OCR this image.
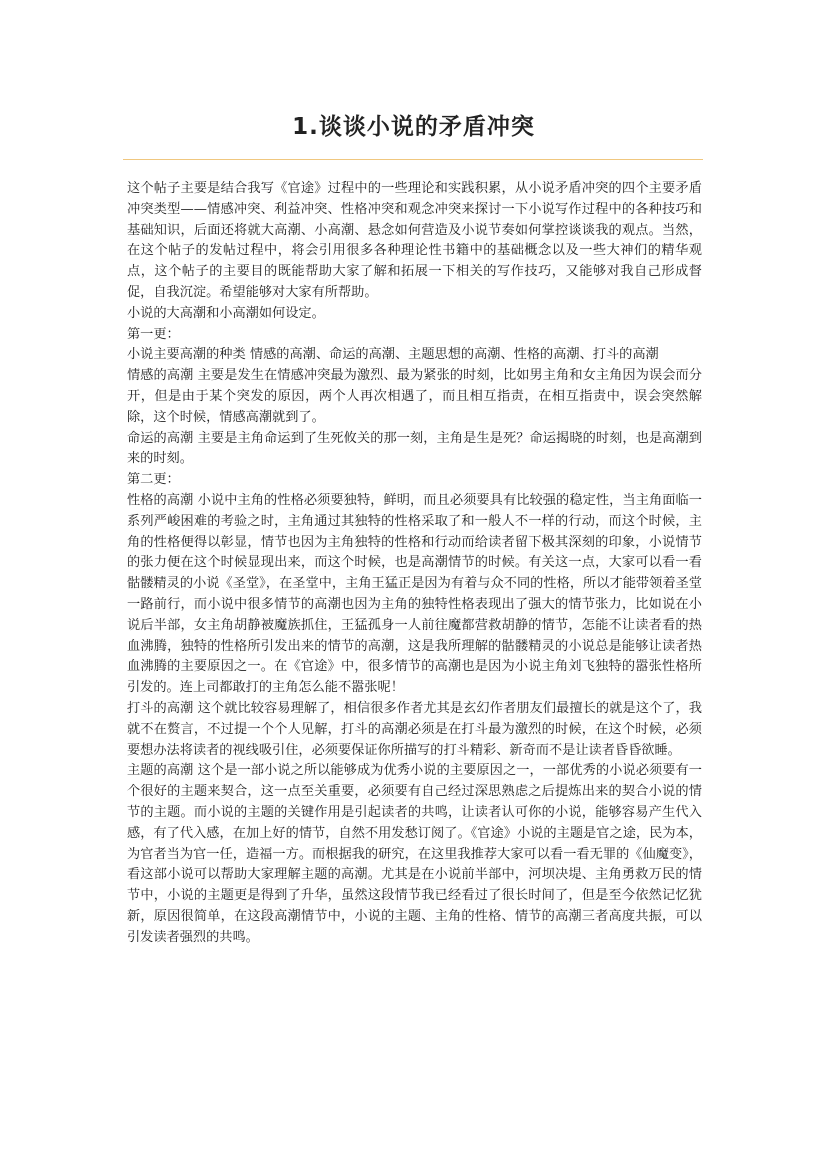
1.谈谈小说的矛盾冲突

这个帖子主要是结合我写《官途》过程中的一些理论和实践积累，从小说矛盾冲突的四个主要矛盾冲突类型——情感冲突、利益冲突、性格冲突和观念冲突来探讨一下小说写作过程中的各种技巧和基础知识，后面还将就大高潮、小高潮、悬念如何营造及小说节奏如何掌控谈谈我的观点。当然，在这个帖子的发帖过程中，将会引用很多各种理论性书籍中的基础概念以及一些大神们的精华观点，这个帖子的主要目的既能帮助大家了解和拓展一下相关的写作技巧，又能够对我自己形成督促，自我沉淀。希望能够对大家有所帮助。

小说的大高潮和小高潮如何设定。

第一更：

小说主要高潮的种类 情感的高潮、命运的高潮、主题思想的高潮、性格的高潮、打斗的高潮

情感的高潮 主要是发生在情感冲突最为激烈、最为紧张的时刻，比如男主角和女主角因为误会而分开，但是由于某个突发的原因，两个人再次相遇了，而且相互指责，在相互指责中，误会突然解除，这个时候，情感高潮就到了。

命运的高潮 主要是主角命运到了生死攸关的那一刻，主角是生是死？命运揭晓的时刻，也是高潮到来的时刻。

第二更：

性格的高潮 小说中主角的性格必须要独特，鲜明，而且必须要具有比较强的稳定性，当主角面临一系列严峻困难的考验之时，主角通过其独特的性格采取了和一般人不一样的行动，而这个时候，主角的性格便得以彰显，情节也因为主角独特的性格和行动而给读者留下极其深刻的印象，小说情节的张力便在这个时候显现出来，而这个时候，也是高潮情节的时候。有关这一点，大家可以看一看骷髅精灵的小说《圣堂》，在圣堂中，主角王猛正是因为有着与众不同的性格，所以才能带领着圣堂一路前行，而小说中很多情节的高潮也因为主角的独特性格表现出了强大的情节张力，比如说在小说后半部，女主角胡静被魔族抓住，王猛孤身一人前往魔都营救胡静的情节，怎能不让读者看的热血沸腾，独特的性格所引发出来的情节的高潮，这是我所理解的骷髅精灵的小说总是能够让读者热血沸腾的主要原因之一。在《官途》中，很多情节的高潮也是因为小说主角刘飞独特的嚣张性格所引发的。连上司都敢打的主角怎么能不嚣张呢！

打斗的高潮 这个就比较容易理解了，相信很多作者尤其是玄幻作者朋友们最擅长的就是这个了，我就不在赘言，不过提一个个人见解，打斗的高潮必须是在打斗最为激烈的时候，在这个时候，必须要想办法将读者的视线吸引住，必须要保证你所描写的打斗精彩、新奇而不是让读者昏昏欲睡。

主题的高潮 这个是一部小说之所以能够成为优秀小说的主要原因之一，一部优秀的小说必须要有一个很好的主题来契合，这一点至关重要，必须要有自己经过深思熟虑之后提炼出来的契合小说的情节的主题。而小说的主题的关键作用是引起读者的共鸣，让读者认可你的小说，能够容易产生代入感，有了代入感，在加上好的情节，自然不用发愁订阅了。《官途》小说的主题是官之途，民为本，为官者当为官一任，造福一方。而根据我的研究，在这里我推荐大家可以看一看无罪的《仙魔变》，看这部小说可以帮助大家理解主题的高潮。尤其是在小说前半部中，河坝决堤、主角勇救万民的情节中，小说的主题更是得到了升华，虽然这段情节我已经看过了很长时间了，但是至今依然记忆犹新，原因很简单，在这段高潮情节中，小说的主题、主角的性格、情节的高潮三者高度共振，可以引发读者强烈的共鸣。
